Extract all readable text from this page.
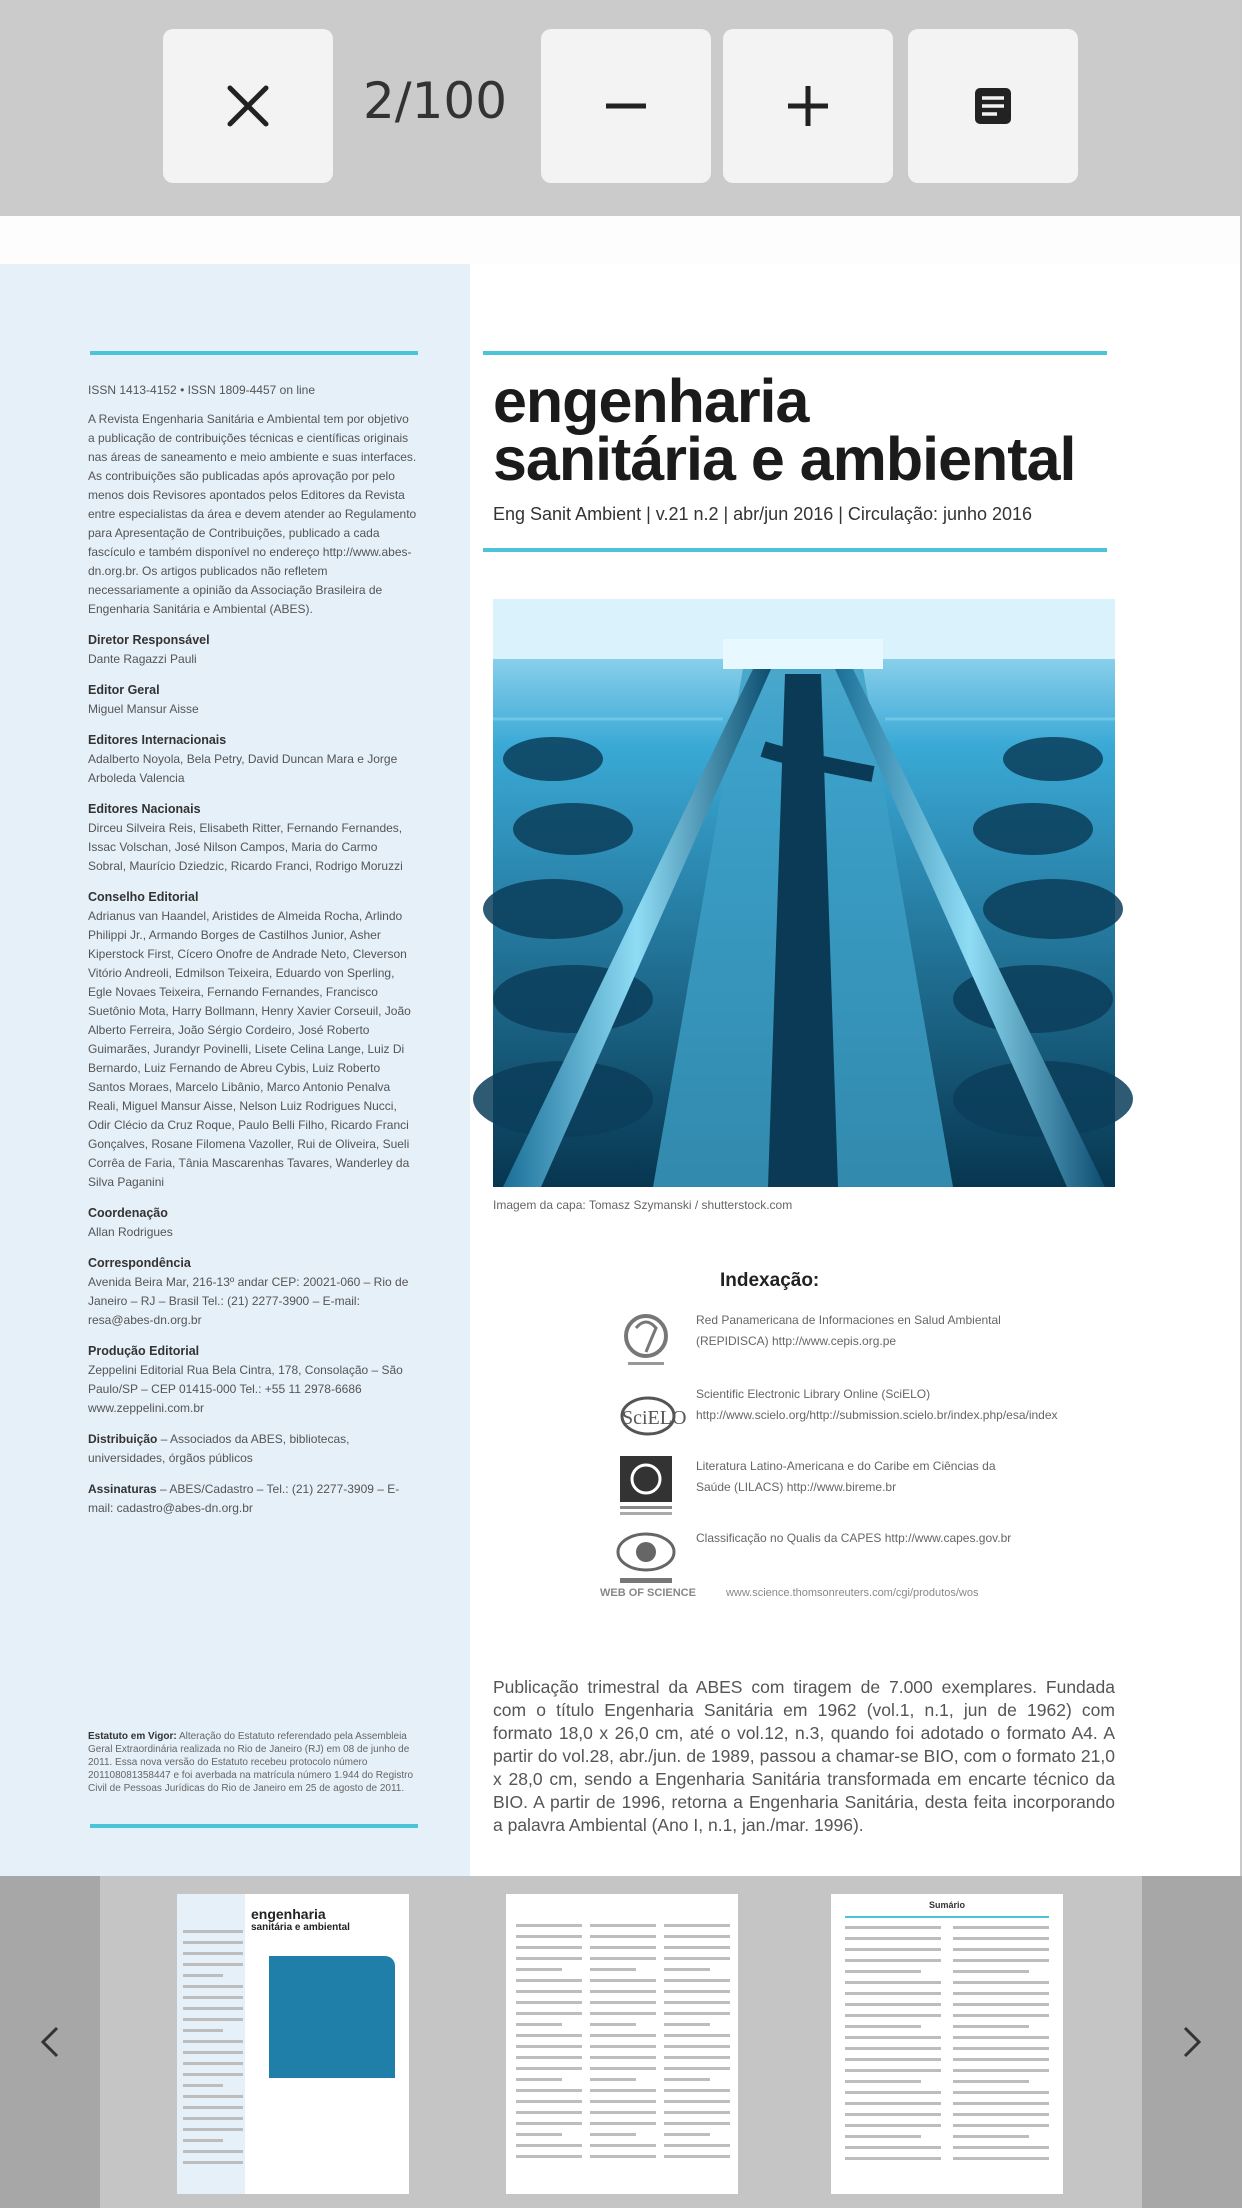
2/100

ISSN 1413-4152 • ISSN 1809-4457 on line

A Revista Engenharia Sanitária e Ambiental tem por objetivo a publicação de contribuições técnicas e científicas originais nas áreas de saneamento e meio ambiente e suas interfaces. As contribuições são publicadas após aprovação por pelo menos dois Revisores apontados pelos Editores da Revista entre especialistas da área e devem atender ao Regulamento para Apresentação de Contribuições, publicado a cada fascículo e também disponível no endereço http://www.abes-dn.org.br. Os artigos publicados não refletem necessariamente a opinião da Associação Brasileira de Engenharia Sanitária e Ambiental (ABES).

Diretor Responsável

Dante Ragazzi Pauli

Editor Geral

Miguel Mansur Aisse

Editores Internacionais

Adalberto Noyola, Bela Petry, David Duncan Mara e Jorge Arboleda Valencia

Editores Nacionais

Dirceu Silveira Reis, Elisabeth Ritter, Fernando Fernandes, Issac Volschan, José Nilson Campos, Maria do Carmo Sobral, Maurício Dziedzic, Ricardo Franci, Rodrigo Moruzzi

Conselho Editorial

Adrianus van Haandel, Aristides de Almeida Rocha, Arlindo Philippi Jr., Armando Borges de Castilhos Junior, Asher Kiperstock First, Cícero Onofre de Andrade Neto, Cleverson Vitório Andreoli, Edmilson Teixeira, Eduardo von Sperling, Egle Novaes Teixeira, Fernando Fernandes, Francisco Suetônio Mota, Harry Bollmann, Henry Xavier Corseuil, João Alberto Ferreira, João Sérgio Cordeiro, José Roberto Guimarães, Jurandyr Povinelli, Lisete Celina Lange, Luiz Di Bernardo, Luiz Fernando de Abreu Cybis, Luiz Roberto Santos Moraes, Marcelo Libânio, Marco Antonio Penalva Reali, Miguel Mansur Aisse, Nelson Luiz Rodrigues Nucci, Odir Clécio da Cruz Roque, Paulo Belli Filho, Ricardo Franci Gonçalves, Rosane Filomena Vazoller, Rui de Oliveira, Sueli Corrêa de Faria, Tânia Mascarenhas Tavares, Wanderley da Silva Paganini

Coordenação

Allan Rodrigues

Correspondência

Avenida Beira Mar, 216-13º andar CEP: 20021-060 – Rio de Janeiro – RJ – Brasil Tel.: (21) 2277-3900 – E-mail: resa@abes-dn.org.br

Produção Editorial

Zeppelini Editorial Rua Bela Cintra, 178, Consolação – São Paulo/SP – CEP 01415-000 Tel.: +55 11 2978-6686 www.zeppelini.com.br

Distribuição – Associados da ABES, bibliotecas, universidades, órgãos públicos

Assinaturas – ABES/Cadastro – Tel.: (21) 2277-3909 – E-mail: cadastro@abes-dn.org.br

Estatuto em Vigor: Alteração do Estatuto referendado pela Assembleia Geral Extraordinária realizada no Rio de Janeiro (RJ) em 08 de junho de 2011. Essa nova versão do Estatuto recebeu protocolo número 201108081358447 e foi averbada na matrícula número 1.944 do Registro Civil de Pessoas Jurídicas do Rio de Janeiro em 25 de agosto de 2011.
engenharia
sanitária e ambiental
Eng Sanit Ambient | v.21 n.2 | abr/jun 2016 | Circulação: junho 2016
Imagem da capa: Tomasz Szymanski / shutterstock.com
Indexação:
Red Panamericana de Informaciones en Salud Ambiental (REPIDISCA) http://www.cepis.org.pe
SciELO
Scientific Electronic Library Online (SciELO) http://www.scielo.org/http://submission.scielo.br/index.php/esa/index
Literatura Latino-Americana e do Caribe em Ciências da Saúde (LILACS) http://www.bireme.br
Classificação no Qualis da CAPES http://www.capes.gov.br
WEB OF SCIENCE	www.science.thomsonreuters.com/cgi/produtos/wos
Publicação trimestral da ABES com tiragem de 7.000 exemplares. Fundada com o título Engenharia Sanitária em 1962 (vol.1, n.1, jun de 1962) com formato 18,0 x 26,0 cm, até o vol.12, n.3, quando foi adotado o formato A4. A partir do vol.28, abr./jun. de 1989, passou a chamar-se BIO, com o formato 21,0 x 28,0 cm, sendo a Engenharia Sanitária transformada em encarte técnico da BIO. A partir de 1996, retorna a Engenharia Sanitária, desta feita incorporando a palavra Ambiental (Ano I, n.1, jan./mar. 1996).
engenharia
sanitária e ambiental
Sumário
